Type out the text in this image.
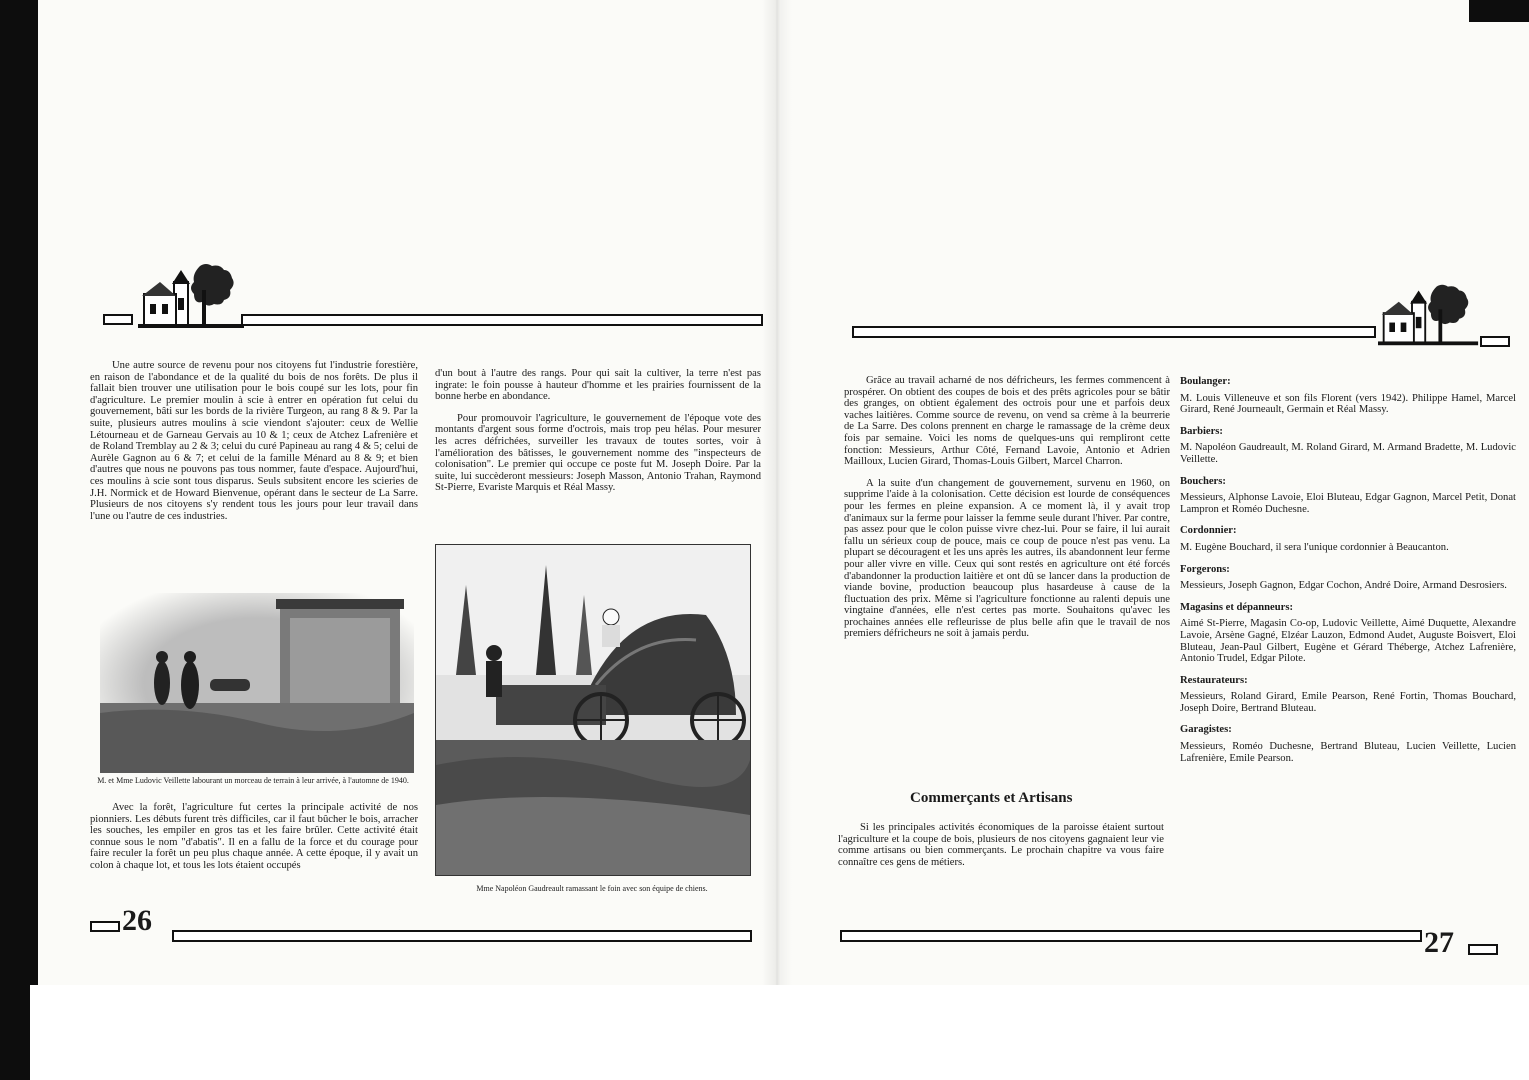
Une autre source de revenu pour nos citoyens fut l'industrie forestière, en raison de l'abondance et de la qualité du bois de nos forêts. De plus il fallait bien trouver une utilisation pour le bois coupé sur les lots, pour fin d'agriculture. Le premier moulin à scie à entrer en opération fut celui du gouvernement, bâti sur les bords de la rivière Turgeon, au rang 8 & 9. Par la suite, plusieurs autres moulins à scie viendont s'ajouter: ceux de Wellie Létourneau et de Garneau Gervais au 10 & 1; ceux de Atchez Lafrenière et de Roland Tremblay au 2 & 3; celui du curé Papineau au rang 4 & 5; celui de Aurèle Gagnon au 6 & 7; et celui de la famille Ménard au 8 & 9; et bien d'autres que nous ne pouvons pas tous nommer, faute d'espace. Aujourd'hui, ces moulins à scie sont tous disparus. Seuls subsitent encore les scieries de J.H. Normick et de Howard Bienvenue, opérant dans le secteur de La Sarre. Plusieurs de nos citoyens s'y rendent tous les jours pour leur travail dans l'une ou l'autre de ces industries.

M. et Mme Ludovic Veillette labourant un morceau de terrain à leur arrivée, à l'automne de 1940.

Avec la forêt, l'agriculture fut certes la principale activité de nos pionniers. Les débuts furent très difficiles, car il faut bûcher le bois, arracher les souches, les empiler en gros tas et les faire brûler. Cette activité était connue sous le nom "d'abatis". Il en a fallu de la force et du courage pour faire reculer la forêt un peu plus chaque année. A cette époque, il y avait un colon à chaque lot, et tous les lots étaient occupés

d'un bout à l'autre des rangs. Pour qui sait la cultiver, la terre n'est pas ingrate: le foin pousse à hauteur d'homme et les prairies fournissent de la bonne herbe en abondance.

Pour promouvoir l'agriculture, le gouvernement de l'époque vote des montants d'argent sous forme d'octrois, mais trop peu hélas. Pour mesurer les acres défrichées, surveiller les travaux de toutes sortes, voir à l'amélioration des bâtisses, le gouvernement nomme des "inspecteurs de colonisation". Le premier qui occupe ce poste fut M. Joseph Doire. Par la suite, lui succèderont messieurs: Joseph Masson, Antonio Trahan, Raymond St-Pierre, Evariste Marquis et Réal Massy.

Mme Napoléon Gaudreault ramassant le foin avec son équipe de chiens.
26

Grâce au travail acharné de nos défricheurs, les fermes commencent à prospérer. On obtient des coupes de bois et des prêts agricoles pour se bâtir des granges, on obtient également des octrois pour une et parfois deux vaches laitières. Comme source de revenu, on vend sa crème à la beurrerie de La Sarre. Des colons prennent en charge le ramassage de la crème deux fois par semaine. Voici les noms de quelques-uns qui rempliront cette fonction: Messieurs, Arthur Côté, Fernand Lavoie, Antonio et Adrien Mailloux, Lucien Girard, Thomas-Louis Gilbert, Marcel Charron.

A la suite d'un changement de gouvernement, survenu en 1960, on supprime l'aide à la colonisation. Cette décision est lourde de conséquences pour les fermes en pleine expansion. A ce moment là, il y avait trop d'animaux sur la ferme pour laisser la femme seule durant l'hiver. Par contre, pas assez pour que le colon puisse vivre chez-lui. Pour se faire, il lui aurait fallu un sérieux coup de pouce, mais ce coup de pouce n'est pas venu. La plupart se découragent et les uns après les autres, ils abandonnent leur ferme pour aller vivre en ville. Ceux qui sont restés en agriculture ont été forcés d'abandonner la production laitière et ont dû se lancer dans la production de viande bovine, production beaucoup plus hasardeuse à cause de la fluctuation des prix. Même si l'agriculture fonctionne au ralenti depuis une vingtaine d'années, elle n'est certes pas morte. Souhaitons qu'avec les prochaines années elle refleurisse de plus belle afin que le travail de nos premiers défricheurs ne soit à jamais perdu.

Commerçants et Artisans

Si les principales activités économiques de la paroisse étaient surtout l'agriculture et la coupe de bois, plusieurs de nos citoyens gagnaient leur vie comme artisans ou bien commerçants. Le prochain chapitre va vous faire connaître ces gens de métiers.

Boulanger:
M. Louis Villeneuve et son fils Florent (vers 1942). Philippe Hamel, Marcel Girard, René Journeault, Germain et Réal Massy.
Barbiers:
M. Napoléon Gaudreault, M. Roland Girard, M. Armand Bradette, M. Ludovic Veillette.
Bouchers:
Messieurs, Alphonse Lavoie, Eloi Bluteau, Edgar Gagnon, Marcel Petit, Donat Lampron et Roméo Duchesne.
Cordonnier:
M. Eugène Bouchard, il sera l'unique cordonnier à Beaucanton.
Forgerons:
Messieurs, Joseph Gagnon, Edgar Cochon, André Doire, Armand Desrosiers.
Magasins et dépanneurs:
Aimé St-Pierre, Magasin Co-op, Ludovic Veillette, Aimé Duquette, Alexandre Lavoie, Arsène Gagné, Elzéar Lauzon, Edmond Audet, Auguste Boisvert, Eloi Bluteau, Jean-Paul Gilbert, Eugène et Gérard Théberge, Atchez Lafrenière, Antonio Trudel, Edgar Pilote.
Restaurateurs:
Messieurs, Roland Girard, Emile Pearson, René Fortin, Thomas Bouchard, Joseph Doire, Bertrand Bluteau.
Garagistes:
Messieurs, Roméo Duchesne, Bertrand Bluteau, Lucien Veillette, Lucien Lafrenière, Emile Pearson.
27
